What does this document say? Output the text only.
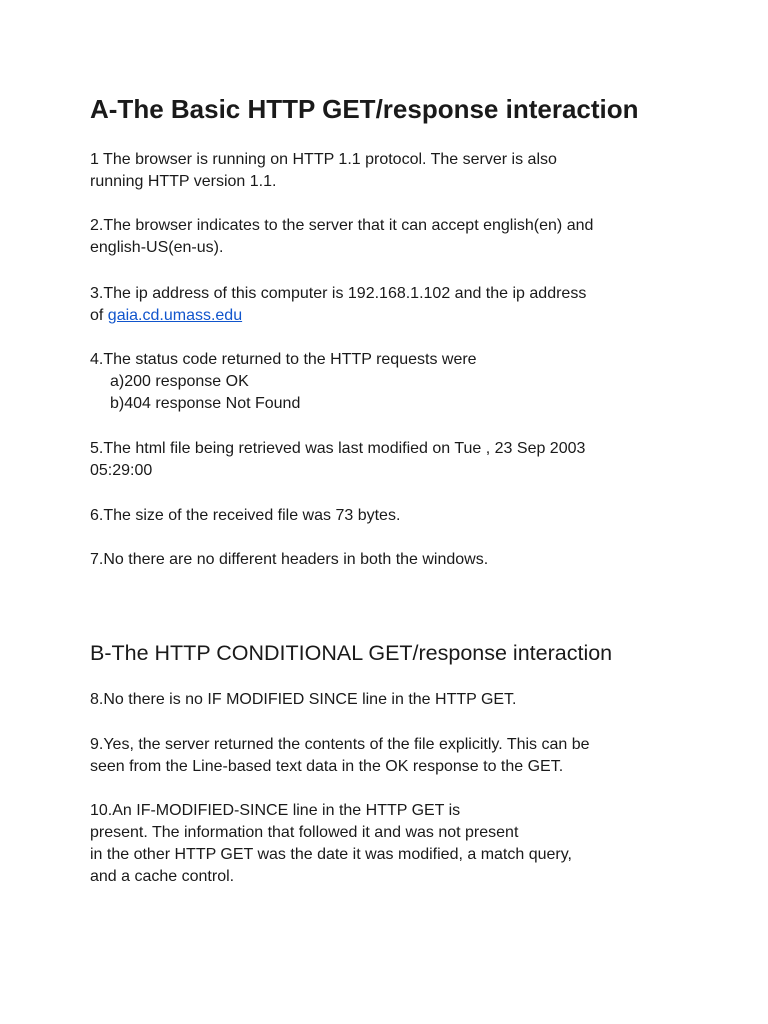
A-The Basic HTTP GET/response interaction

1 The browser is running on HTTP 1.1 protocol. The server is also
running HTTP version 1.1.

2.The browser indicates to the server that it can accept english(en) and
english-US(en-us).

3.The ip address of this computer is 192.168.1.102 and the ip address
of gaia.cd.umass.edu

4.The status code returned to the HTTP requests were
a)200 response OK
b)404 response Not Found

5.The html file being retrieved was last modified on Tue , 23 Sep 2003
05:29:00

6.The size of the received file was 73 bytes.

7.No there are no different headers in both the windows.

B-The HTTP CONDITIONAL GET/response interaction

8.No there is no IF MODIFIED SINCE line in the HTTP GET.

9.Yes, the server returned the contents of the file explicitly. This can be
seen from the Line-based text data in the OK response to the GET.

10.An IF-MODIFIED-SINCE line in the HTTP GET is
present. The information that followed it and was not present
in the other HTTP GET was the date it was modified, a match query,
and a cache control.
